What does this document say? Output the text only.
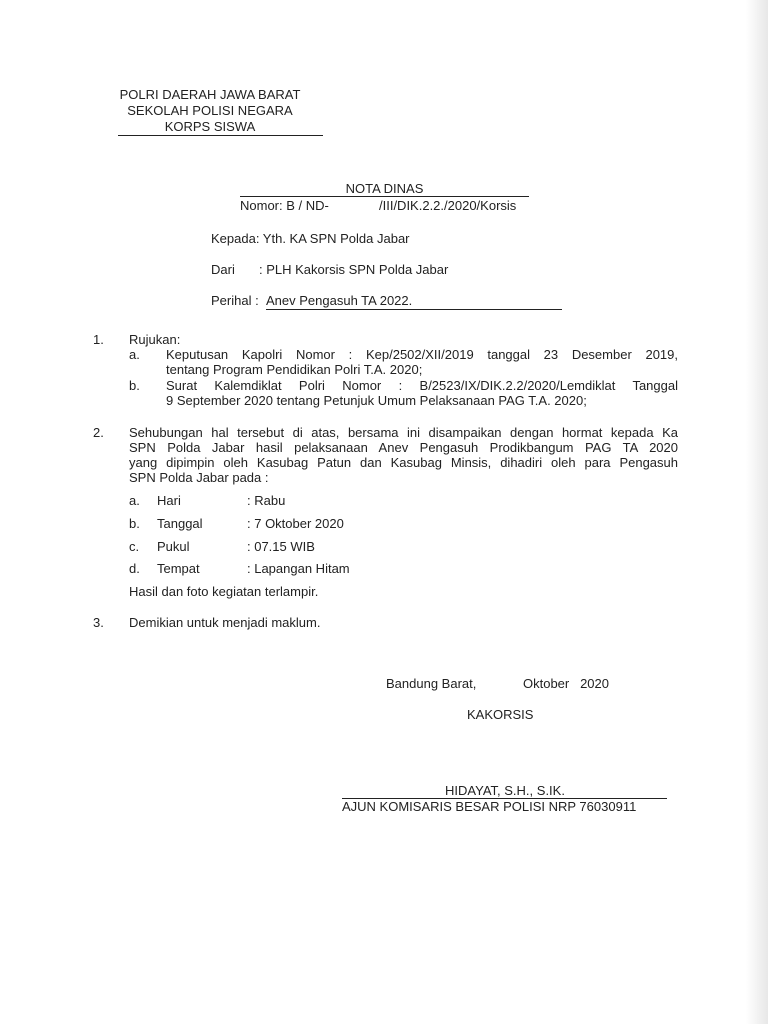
POLRI DAERAH JAWA BARAT
SEKOLAH POLISI NEGARA
KORPS SISWA
NOTA DINAS
Nomor: B / ND-	/III/DIK.2.2./2020/Korsis
Kepada: Yth. KA SPN Polda Jabar
Dari : PLH Kakorsis SPN Polda Jabar
Perihal : Anev Pengasuh TA 2022.
1. Rujukan:
a. Keputusan Kapolri Nomor : Kep/2502/XII/2019 tanggal 23 Desember 2019,
tentang Program Pendidikan Polri T.A. 2020;
b. Surat Kalemdiklat Polri Nomor : B/2523/IX/DIK.2.2/2020/Lemdiklat Tanggal
9 September 2020 tentang Petunjuk Umum Pelaksanaan PAG T.A. 2020;
2. Sehubungan hal tersebut di atas, bersama ini disampaikan dengan hormat kepada Ka
SPN Polda Jabar hasil pelaksanaan Anev Pengasuh Prodikbangum PAG TA 2020
yang dipimpin oleh Kasubag Patun dan Kasubag Minsis, dihadiri oleh para Pengasuh
SPN Polda Jabar pada :
a. Hari	: Rabu
b. Tanggal	: 7 Oktober 2020
c. Pukul	: 07.15 WIB
d. Tempat	: Lapangan Hitam
Hasil dan foto kegiatan terlampir.
3. Demikian untuk menjadi maklum.
Bandung Barat,	Oktober   2020
KAKORSIS
HIDAYAT, S.H., S.IK.
AJUN KOMISARIS BESAR POLISI NRP 76030911
